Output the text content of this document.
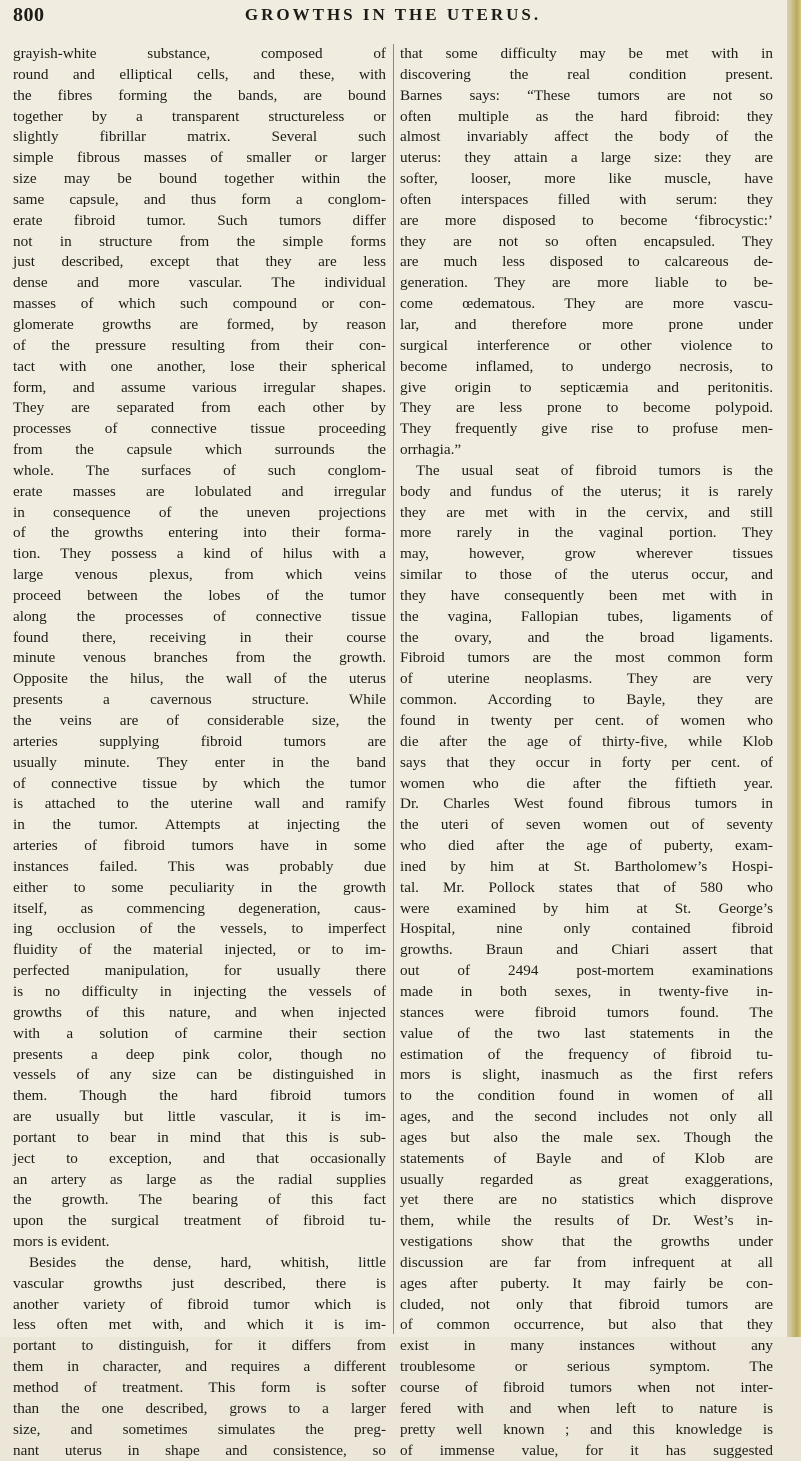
800	GROWTHS IN THE UTERUS.
grayish-white substance, composed of
round and elliptical cells, and these, with
the fibres forming the bands, are bound
together by a transparent structureless or
slightly fibrillar matrix. Several such
simple fibrous masses of smaller or larger
size may be bound together within the
same capsule, and thus form a conglom-
erate fibroid tumor. Such tumors differ
not in structure from the simple forms
just described, except that they are less
dense and more vascular. The individual
masses of which such compound or con-
glomerate growths are formed, by reason
of the pressure resulting from their con-
tact with one another, lose their spherical
form, and assume various irregular shapes.
They are separated from each other by
processes of connective tissue proceeding
from the capsule which surrounds the
whole. The surfaces of such conglom-
erate masses are lobulated and irregular
in consequence of the uneven projections
of the growths entering into their forma-
tion. They possess a kind of hilus with a
large venous plexus, from which veins
proceed between the lobes of the tumor
along the processes of connective tissue
found there, receiving in their course
minute venous branches from the growth.
Opposite the hilus, the wall of the uterus
presents a cavernous structure. While
the veins are of considerable size, the
arteries supplying fibroid tumors are
usually minute. They enter in the band
of connective tissue by which the tumor
is attached to the uterine wall and ramify
in the tumor. Attempts at injecting the
arteries of fibroid tumors have in some
instances failed. This was probably due
either to some peculiarity in the growth
itself, as commencing degeneration, caus-
ing occlusion of the vessels, to imperfect
fluidity of the material injected, or to im-
perfected manipulation, for usually there
is no difficulty in injecting the vessels of
growths of this nature, and when injected
with a solution of carmine their section
presents a deep pink color, though no
vessels of any size can be distinguished in
them. Though the hard fibroid tumors
are usually but little vascular, it is im-
portant to bear in mind that this is sub-
ject to exception, and that occasionally
an artery as large as the radial supplies
the growth. The bearing of this fact
upon the surgical treatment of fibroid tu-
mors is evident.
Besides the dense, hard, whitish, little
vascular growths just described, there is
another variety of fibroid tumor which is
less often met with, and which it is im-
portant to distinguish, for it differs from
them in character, and requires a different
method of treatment. This form is softer
than the one described, grows to a larger
size, and sometimes simulates the preg-
nant uterus in shape and consistence, so
that some difficulty may be met with in
discovering the real condition present.
Barnes says: “These tumors are not so
often multiple as the hard fibroid: they
almost invariably affect the body of the
uterus: they attain a large size: they are
softer, looser, more like muscle, have
often interspaces filled with serum: they
are more disposed to become ‘fibrocystic:’
they are not so often encapsuled. They
are much less disposed to calcareous de-
generation. They are more liable to be-
come œdematous. They are more vascu-
lar, and therefore more prone under
surgical interference or other violence to
become inflamed, to undergo necrosis, to
give origin to septicæmia and peritonitis.
They are less prone to become polypoid.
They frequently give rise to profuse men-
orrhagia.”
The usual seat of fibroid tumors is the
body and fundus of the uterus; it is rarely
they are met with in the cervix, and still
more rarely in the vaginal portion. They
may, however, grow wherever tissues
similar to those of the uterus occur, and
they have consequently been met with in
the vagina, Fallopian tubes, ligaments of
the ovary, and the broad ligaments.
Fibroid tumors are the most common form
of uterine neoplasms. They are very
common. According to Bayle, they are
found in twenty per cent. of women who
die after the age of thirty-five, while Klob
says that they occur in forty per cent. of
women who die after the fiftieth year.
Dr. Charles West found fibrous tumors in
the uteri of seven women out of seventy
who died after the age of puberty, exam-
ined by him at St. Bartholomew’s Hospi-
tal. Mr. Pollock states that of 580 who
were examined by him at St. George’s
Hospital, nine only contained fibroid
growths. Braun and Chiari assert that
out of 2494 post-mortem examinations
made in both sexes, in twenty-five in-
stances were fibroid tumors found. The
value of the two last statements in the
estimation of the frequency of fibroid tu-
mors is slight, inasmuch as the first refers
to the condition found in women of all
ages, and the second includes not only all
ages but also the male sex. Though the
statements of Bayle and of Klob are
usually regarded as great exaggerations,
yet there are no statistics which disprove
them, while the results of Dr. West’s in-
vestigations show that the growths under
discussion are far from infrequent at all
ages after puberty. It may fairly be con-
cluded, not only that fibroid tumors are
of common occurrence, but also that they
exist in many instances without any
troublesome or serious symptom. The
course of fibroid tumors when not inter-
fered with and when left to nature is
pretty well known ; and this knowledge is
of immense value, for it has suggested
